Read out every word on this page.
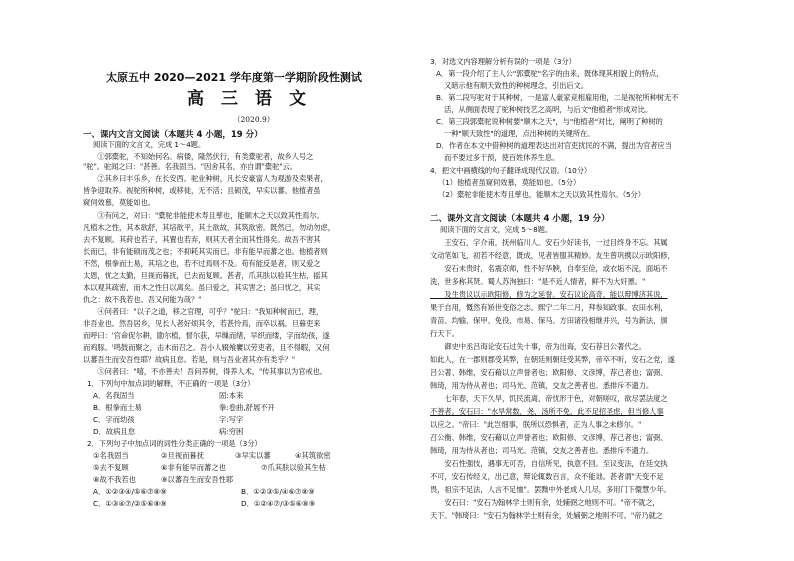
太原五中 2020—2021 学年度第一学期阶段性测试
高　三　语　文
（2020.9）
一、课内文言文阅读（本题共 4 小题，19 分）
阅读下面的文言文，完成 1～4题。
　　①郭橐驼，不知始何名。病偻，隆然伏行，有类橐驼者，故乡人号之
"驼"。驼闻之曰："甚善。名我固当。"因舍其名，亦自谓"橐驼"云。
　　②其乡曰丰乐乡，在长安西。驼业种树，凡长安豪富人为观游及卖果者，
皆争迎取养。视驼所种树，或移徙，无不活；且硕茂，早实以蕃。他植者虽
窥伺效慕，莫能如也。
　　③有问之，对曰："橐驼非能使木寿且孳也，能顺木之天以致其性焉尔。
凡植木之性，其本欲舒，其培欲平，其土欲故，其筑欲密。既然已，勿动勿虑，
去不复顾。其莳也若子，其置也若弃，则其天者全而其性得矣。故吾不害其
长而已，非有能硕而茂之也；不抑耗其实而已，非有能早而蕃之也。他植者则
不然，根拳而土易，其培之也，若不过焉则不及。苟有能反是者，则又爱之
太恩，忧之太勤，旦视而暮抚，已去而复顾。甚者，爪其肤以验其生枯，摇其
本以观其疏密，而木之性日以离矣。虽曰爱之，其实害之；虽曰忧之，其实
仇之：故不我若也。吾又何能为哉？"
　　④问者曰："以子之道，移之官理，可乎？"驼曰："我知种树而已，理，
非吾业也。然吾居乡，见长人者好烦其令，若甚怜焉，而卒以祸。旦暮吏来
而呼曰：'官命促尔耕，勖尔植，督尔获，早缫而绪，早织而缕，字而幼孩，遂
而鸡豚。'鸣鼓而聚之，击木而召之。吾小人辍飧饔以劳吏者，且不得暇，又何
以蕃吾生而安吾性耶？故病且怠。若是，则与吾业者其亦有类乎？"
　　⑤问者曰："嘻，不亦善夫！吾问养树，得养人术。"传其事以为官戒也。
1．下列句中加点词的解释，不正确的一项是（3分）
A．名我固当	固:本来
B．根拳而土易	拳:卷曲,舒展不开
C．字而幼孩	字:写字
D．故病且怠	病:穷困
2．下列句子中加点词的词性分类正确的一项是（3分）
①名我固当	②旦视而暮抚	③早实以蕃	④其筑欲密
⑤去不复顾	⑥非有能早而蕃之也	⑦爪其肤以验其生枯
⑧故不我若也	⑨以蕃吾生而安吾性耶
A．①②③④/⑤⑥⑦⑧⑨	B．①②③⑤/④⑥⑦⑧⑨
C．①③④⑦/②⑤⑥⑧⑨	D．①②④⑦/③⑤⑥⑧⑨
3．对选文内容理解分析有误的一项是（3分）
A．第一段介绍了主人公"郭橐驼"名字的由来，既体现其相貌上的特点，
又暗示他有顺天致性的种树理念，引出后文。
B．第二段写驼对于其种树，一是富人豪家竞相雇用他，二是视驼所种树无不
活，从侧面表现了驼种树技艺之高明，与后文"他植者"形成对比。
C．第三段郭橐驼说种树要"顺木之天"，与"他植者"对比，阐明了种树的
一种"顺天致性"的道理，点出种树的关键所在。
D．作者在本文中借种树的道理表达出对官吏扰民的不满，提出为官者应当
而不要过多干预，使百姓休养生息。
4．把文中画横线的句子翻译成现代汉语。（10分）
（1）他植者虽窥伺效慕，莫能如也。（5分）
（2）橐驼非能使木寿且孳也，能顺木之天以致其性焉尔。（5分）
二、课外文言文阅读（本题共 4 小题，19 分）
阅读下面的文言文，完成 5～8题。
　　王安石，字介甫，抚州临川人。安石少好读书，一过目终身不忘。其属
文动笔如飞，初若不经意，既成，见者皆服其精妙。友生曾巩携以示欧阳修，
　　安石未贵时，名震京师，性不好华腴，自奉至俭，或衣垢不浣，面垢不
洗，世多称其贤。蜀人苏洵独曰："是不近人情者，鲜不为大奸慝。"
　　及生贵议以示欧阳修，修为之延誉。安石议论高奇，能以辩博济其说，
果于自用，慨然有矫世变俗之志。熙宁二年二月，拜参知政事。农田水利，
青苗、均输、保甲、免役、市易、保马、方田诸役相继并兴，号为新法，颁
行天下。
　　御史中丞吕诲论安石过失十事，帝为出诲，安石荐吕公著代之。
如此人，在一郡则郡受其弊，在朝廷则朝廷受其弊，帝卒不听，安石之党，遂
吕公著、韩维，安石藉以立声誉者也；欧阳修、文彦博，荐己者也；富弼、
韩琦，用为侍从者也；司马光、范镇，交友之善者也。悉排斥不遗力。
　　七年春，天下久旱，饥民流离，帝忧形于色，对朝嗟叹，欲尽罢法度之
不善者。安石曰："水旱常数，尧、汤所不免，此不足招圣虑，但当修人事
以应之。"帝曰："此岂细事，朕所以恐惧者，正为人事之未修尔。"
召公衡、韩维，安石藉以立声誉者也；欧阳修、文彦博，荐己者也；富弼、
韩琦，用为侍从者也；司马光、范镇，交友之善者也。悉排斥不遗力。
　　安石性强忮，遇事无可否，自信所见，执意不回。至议变法，在廷交执
不可，安石传经义，出己意，辩论辄数百言，众不能诎。甚者谓"天变不足
畏，祖宗不足法，人言不足恤"。罢黜中外老成人几尽，多用门下儇慧少年。
　　安石曰："安石为翰林学士则有余，处辅弼之地则不可。"帝不就之，
天下。"韩琦曰："安石为翰林学士则有余，处辅弼之地则不可。"帝乃就之
